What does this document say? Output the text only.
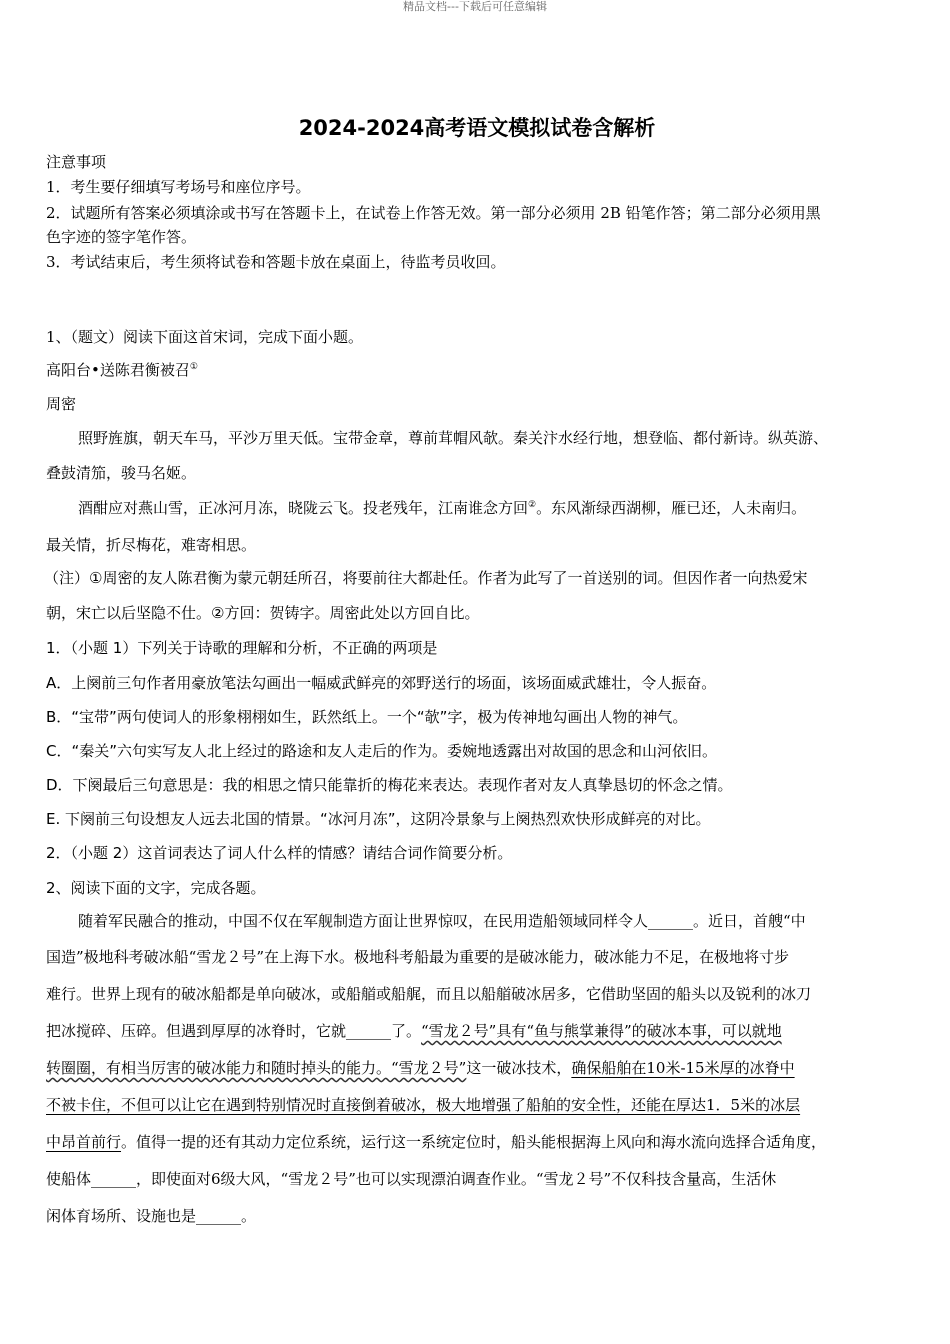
精品文档---下载后可任意编辑
2024-2024高考语文模拟试卷含解析
注意事项
1．考生要仔细填写考场号和座位序号。
2．试题所有答案必须填涂或书写在答题卡上，在试卷上作答无效。第一部分必须用 2B 铅笔作答；第二部分必须用黑
色字迹的签字笔作答。
3．考试结束后，考生须将试卷和答题卡放在桌面上，待监考员收回。
1、（题文）阅读下面这首宋词，完成下面小题。
高阳台•送陈君衡被召①
周密
照野旌旗，朝天车马，平沙万里天低。宝带金章，尊前茸帽风欹。秦关汴水经行地，想登临、都付新诗。纵英游、
叠鼓清笳，骏马名姬。
酒酣应对燕山雪，正冰河月冻，晓陇云飞。投老残年，江南谁念方回②。东风渐绿西湖柳，雁已还，人未南归。
最关情，折尽梅花，难寄相思。
（注）①周密的友人陈君衡为蒙元朝廷所召，将要前往大都赴任。作者为此写了一首送别的词。但因作者一向热爱宋
朝，宋亡以后坚隐不仕。②方回：贺铸字。周密此处以方回自比。
1．（小题 1）下列关于诗歌的理解和分析，不正确的两项是
A．上阕前三句作者用豪放笔法勾画出一幅威武鲜亮的郊野送行的场面，该场面威武雄壮，令人振奋。
B．“宝带”两句使词人的形象栩栩如生，跃然纸上。一个“欹”字，极为传神地勾画出人物的神气。
C．“秦关”六句实写友人北上经过的路途和友人走后的作为。委婉地透露出对故国的思念和山河依旧。
D．下阕最后三句意思是：我的相思之情只能靠折的梅花来表达。表现作者对友人真挚恳切的怀念之情。
E. 下阕前三句设想友人远去北国的情景。“冰河月冻”，这阴冷景象与上阕热烈欢快形成鲜亮的对比。
2．（小题 2）这首词表达了词人什么样的情感？请结合词作简要分析。
2、阅读下面的文字，完成各题。
随着军民融合的推动，中国不仅在军舰制造方面让世界惊叹，在民用造船领域同样令人______。近日，首艘“中
国造”极地科考破冰船“雪龙２号”在上海下水。极地科考船最为重要的是破冰能力，破冰能力不足，在极地将寸步
难行。世界上现有的破冰船都是单向破冰，或船艏或船艉，而且以船艏破冰居多，它借助坚固的船头以及锐利的冰刀
把冰搅碎、压碎。但遇到厚厚的冰脊时，它就______了。“雪龙２号”具有“鱼与熊掌兼得”的破冰本事，可以就地
转圈圈，有相当厉害的破冰能力和随时掉头的能力。“雪龙２号”这一破冰技术，确保船舶在10米-15米厚的冰脊中
不被卡住，不但可以让它在遇到特别情况时直接倒着破冰，极大地增强了船舶的安全性，还能在厚达1．5米的冰层
中昂首前行。值得一提的还有其动力定位系统，运行这一系统定位时，船头能根据海上风向和海水流向选择合适角度，
使船体______，即使面对6级大风，“雪龙２号”也可以实现漂泊调查作业。“雪龙２号”不仅科技含量高，生活休
闲体育场所、设施也是______。
